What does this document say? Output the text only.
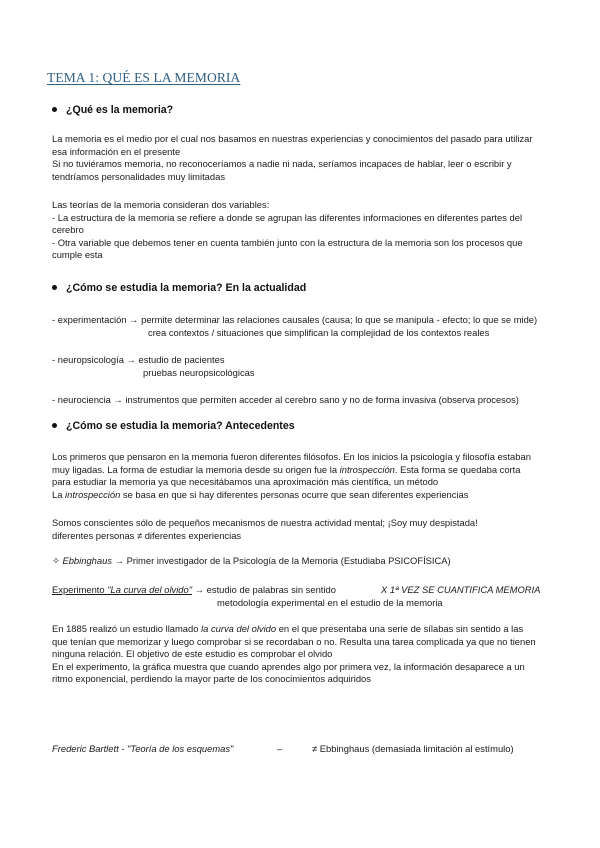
TEMA 1: QUÉ ES LA MEMORIA
¿Qué es la memoria?
La memoria es el medio por el cual nos basamos en nuestras experiencias y conocimientos del pasado para utilizar
esa información en el presente
Si no tuviéramos memoria, no reconoceríamos a nadie ni nada, seríamos incapaces de hablar, leer o escribir y
tendríamos personalidades muy limitadas
Las teorías de la memoria consideran dos variables:
- La estructura de la memoria se refiere a donde se agrupan las diferentes informaciones en diferentes partes del
cerebro
- Otra variable que debemos tener en cuenta también junto con la estructura de la memoria son los procesos que
cumple esta
¿Cómo se estudia la memoria? En la actualidad
- experimentación → permite determinar las relaciones causales (causa; lo que se manipula - efecto; lo que se mide)
crea contextos / situaciones que simplifican la complejidad de los contextos reales
- neuropsicología → estudio de pacientes
pruebas neuropsicológicas
- neurociencia → instrumentos que permiten acceder al cerebro sano y no de forma invasiva (observa procesos)
¿Cómo se estudia la memoria? Antecedentes
Los primeros que pensaron en la memoria fueron diferentes filósofos. En los inicios la psicología y filosofía estaban
muy ligadas. La forma de estudiar la memoria desde su origen fue la introspección. Esta forma se quedaba corta
para estudiar la memoria ya que necesitábamos una aproximación más científica, un método
La introspección se basa en que si hay diferentes personas ocurre que sean diferentes experiencias
Somos conscientes sólo de pequeños mecanismos de nuestra actividad mental; ¡Soy muy despistada!
diferentes personas ≠ diferentes experiencias
✧ Ebbinghaus → Primer investigador de la Psicología de la Memoria (Estudiaba PSICOFÍSICA)
Experimento "La curva del olvido" → estudio de palabras sin sentido	X 1ª VEZ SE CUANTIFICA MEMORIA
metodología experimental en el estudio de la memoria
En 1885 realizó un estudio llamado la curva del olvido en el que presentaba una serie de sílabas sin sentido a las
que tenían que memorizar y luego comprobar si se recordaban o no. Resulta una tarea complicada ya que no tienen
ninguna relación. El objetivo de este estudio es comprobar el olvido
En el experimento, la gráfica muestra que cuando aprendes algo por primera vez, la información desaparece a un
ritmo exponencial, perdiendo la mayor parte de los conocimientos adquiridos
Frederic Bartlett - "Teoría de los esquemas"	–	≠ Ebbinghaus (demasiada limitación al estímulo)
